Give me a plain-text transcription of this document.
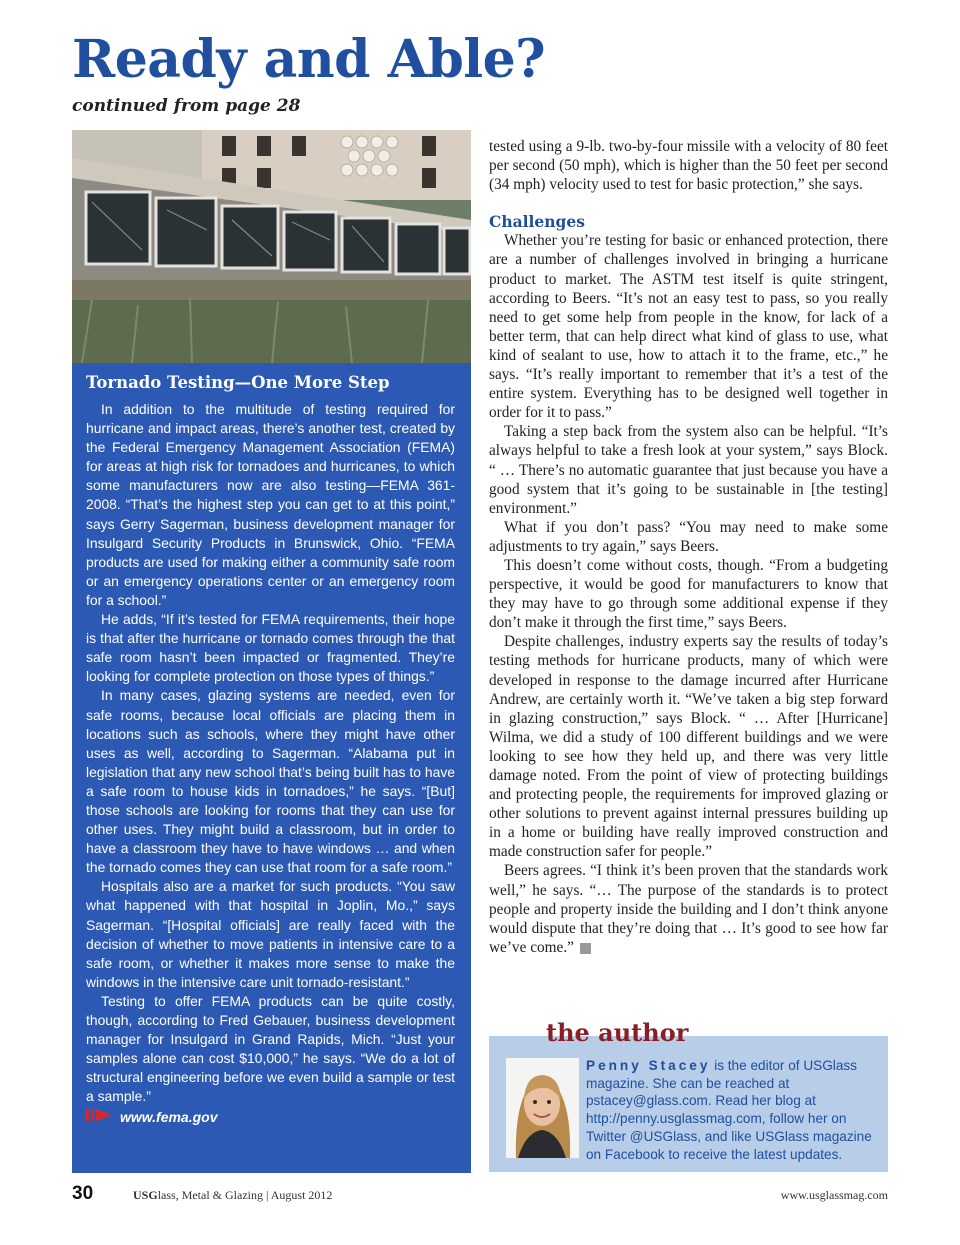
Ready and Able?
continued from page 28
Tornado Testing—One More Step

In addition to the multitude of testing required for hurricane and impact areas, there’s another test, created by the Federal Emergency Management Association (FEMA) for areas at high risk for tornadoes and hurricanes, to which some manufacturers now are also testing—FEMA 361-2008. “That’s the highest step you can get to at this point,” says Gerry Sagerman, business development manager for Insulgard Security Products in Brunswick, Ohio. “FEMA products are used for making either a community safe room or an emergency operations center or an emergency room for a school.”

He adds, “If it’s tested for FEMA requirements, their hope is that after the hurricane or tornado comes through the that safe room hasn’t been impacted or fragmented. They’re looking for complete protection on those types of things.”

In many cases, glazing systems are needed, even for safe rooms, because local officials are placing them in locations such as schools, where they might have other uses as well, according to Sagerman. “Alabama put in legislation that any new school that’s being built has to have a safe room to house kids in tornadoes,” he says. “[But] those schools are looking for rooms that they can use for other uses. They might build a classroom, but in order to have a classroom they have to have windows … and when the tornado comes they can use that room for a safe room.”

Hospitals also are a market for such products. “You saw what happened with that hospital in Joplin, Mo.,” says Sagerman. “[Hospital officials] are really faced with the decision of whether to move patients in intensive care to a safe room, or whether it makes more sense to make the windows in the intensive care unit tornado-resistant.”

Testing to offer FEMA products can be quite costly, though, according to Fred Gebauer, business development manager for Insulgard in Grand Rapids, Mich. “Just your samples alone can cost $10,000,” he says. “We do a lot of structural engineering before we even build a sample or test a sample.”

www.fema.gov

tested using a 9-lb. two-by-four missile with a velocity of 80 feet per second (50 mph), which is higher than the 50 feet per second (34 mph) velocity used to test for basic protection,” she says.

Challenges

Whether you’re testing for basic or enhanced protection, there are a number of challenges involved in bringing a hurricane product to market. The ASTM test itself is quite stringent, according to Beers. “It’s not an easy test to pass, so you really need to get some help from people in the know, for lack of a better term, that can help direct what kind of glass to use, what kind of sealant to use, how to attach it to the frame, etc.,” he says. “It’s really important to remember that it’s a test of the entire system. Everything has to be designed well together in order for it to pass.”

Taking a step back from the system also can be helpful. “It’s always helpful to take a fresh look at your system,” says Block. “ … There’s no automatic guarantee that just because you have a good system that it’s going to be sustainable in [the testing] environment.”

What if you don’t pass? “You may need to make some adjustments to try again,” says Beers.

This doesn’t come without costs, though. “From a budgeting perspective, it would be good for manufacturers to know that they may have to go through some additional expense if they don’t make it through the first time,” says Beers.

Despite challenges, industry experts say the results of today’s testing methods for hurricane products, many of which were developed in response to the damage incurred after Hurricane Andrew, are certainly worth it. “We’ve taken a big step forward in glazing construction,” says Block. “ … After [Hurricane] Wilma, we did a study of 100 different buildings and we were looking to see how they held up, and there was very little damage noted. From the point of view of protecting buildings and protecting people, the requirements for improved glazing or other solutions to prevent against internal pressures building up in a home or building have really improved construction and made construction safer for people.”

Beers agrees. “I think it’s been proven that the standards work well,” he says. “… The purpose of the standards is to protect people and property inside the building and I don’t think anyone would dispute that they’re doing that … It’s good to see how far we’ve come.”

the author
Penny Stacey is the editor of USGlass magazine. She can be reached at pstacey@glass.com. Read her blog at http://penny.usglassmag.com, follow her on Twitter @USGlass, and like USGlass magazine on Facebook to receive the latest updates.
30	USGlass, Metal & Glazing | August 2012	www.usglassmag.com
